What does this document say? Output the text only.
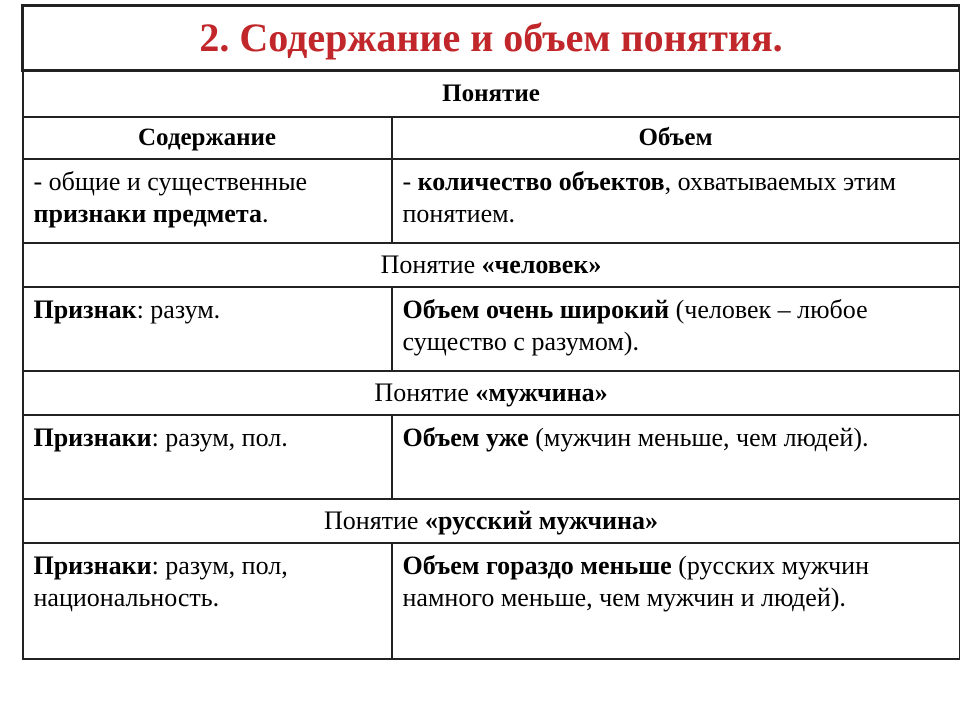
2. Содержание и объем понятия.	
Понятие	
Содержание	Объем
- общие и существенные признаки предмета.	- количество объектов, охватываемых этим понятием.
Понятие «человек»	
Признак: разум.	Объем очень широкий (человек – любое существо с разумом).
Понятие «мужчина»	
Признаки: разум, пол.	Объем уже (мужчин меньше, чем людей).
Понятие «русский мужчина»	
Признаки: разум, пол, национальность.	Объем гораздо меньше (русских мужчин намного меньше, чем мужчин и людей).
